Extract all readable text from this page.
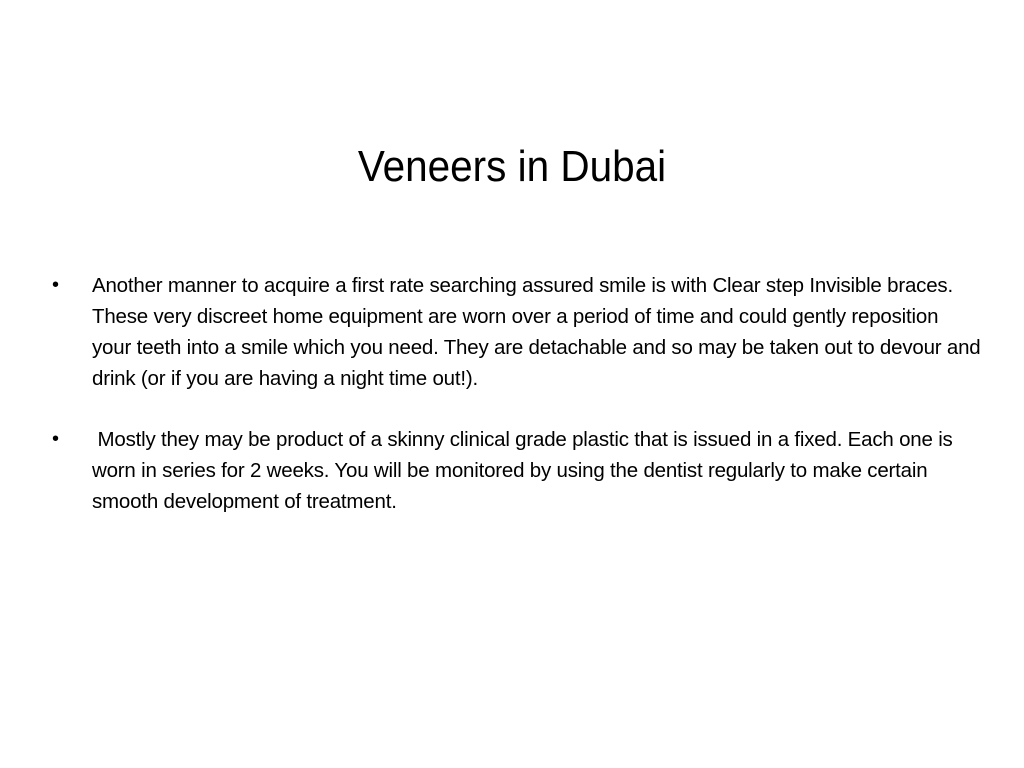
Veneers in Dubai
•	Another manner to acquire a first rate searching assured smile is with Clear step Invisible braces. These very discreet home equipment are worn over a period of time and could gently reposition your teeth into a smile which you need. They are detachable and so may be taken out to devour and drink (or if you are having a night time out!).
•	Mostly they may be product of a skinny clinical grade plastic that is issued in a fixed. Each one is worn in series for 2 weeks. You will be monitored by using the dentist regularly to make certain smooth development of treatment.
